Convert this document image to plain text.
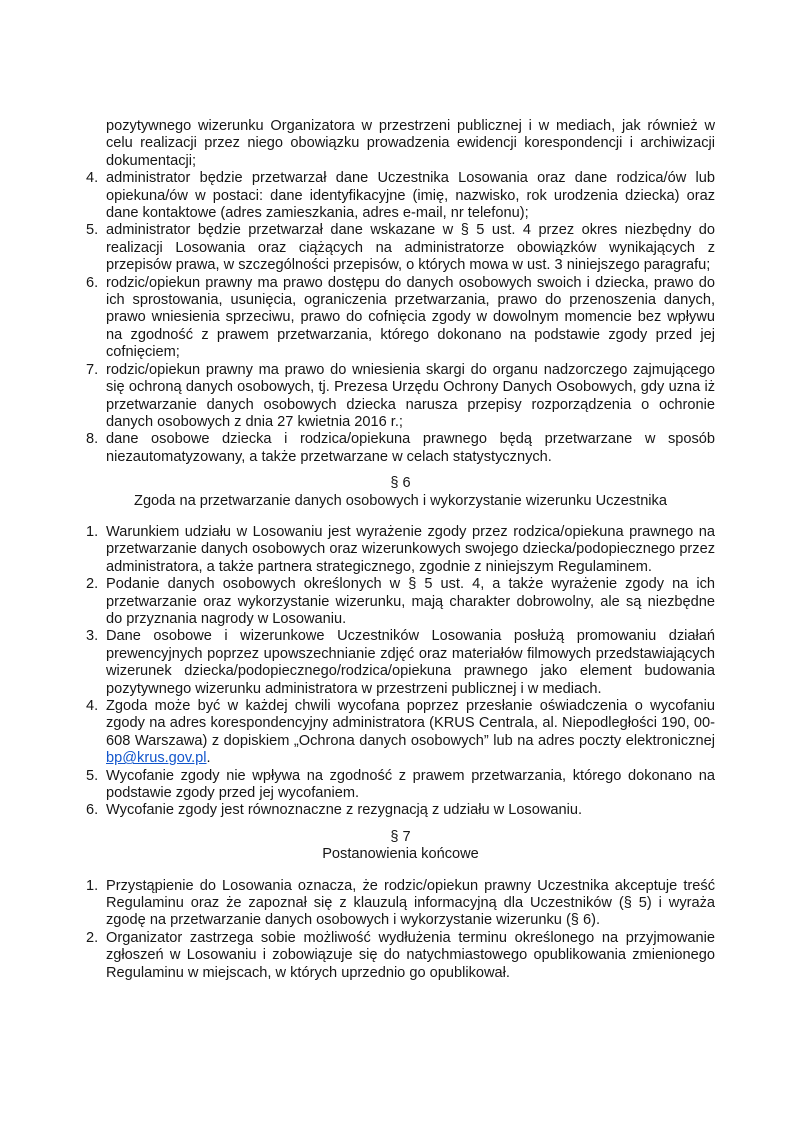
pozytywnego wizerunku Organizatora w przestrzeni publicznej i w mediach, jak również w celu realizacji przez niego obowiązku prowadzenia ewidencji korespondencji i archiwizacji dokumentacji;

4. administrator będzie przetwarzał dane Uczestnika Losowania oraz dane rodzica/ów lub opiekuna/ów w postaci: dane identyfikacyjne (imię, nazwisko, rok urodzenia dziecka) oraz dane kontaktowe (adres zamieszkania, adres e-mail, nr telefonu);
5. administrator będzie przetwarzał dane wskazane w § 5 ust. 4 przez okres niezbędny do realizacji Losowania oraz ciążących na administratorze obowiązków wynikających z przepisów prawa, w szczególności przepisów, o których mowa w ust. 3 niniejszego paragrafu;
6. rodzic/opiekun prawny ma prawo dostępu do danych osobowych swoich i dziecka, prawo do ich sprostowania, usunięcia, ograniczenia przetwarzania, prawo do przenoszenia danych, prawo wniesienia sprzeciwu, prawo do cofnięcia zgody w dowolnym momencie bez wpływu na zgodność z prawem przetwarzania, którego dokonano na podstawie zgody przed jej cofnięciem;
7. rodzic/opiekun prawny ma prawo do wniesienia skargi do organu nadzorczego zajmującego się ochroną danych osobowych, tj. Prezesa Urzędu Ochrony Danych Osobowych, gdy uzna iż przetwarzanie danych osobowych dziecka narusza przepisy rozporządzenia o ochronie danych osobowych z dnia 27 kwietnia 2016 r.;
8. dane osobowe dziecka i rodzica/opiekuna prawnego będą przetwarzane w sposób niezautomatyzowany, a także przetwarzane w celach statystycznych.
§ 6
Zgoda na przetwarzanie danych osobowych i wykorzystanie wizerunku Uczestnika
1. Warunkiem udziału w Losowaniu jest wyrażenie zgody przez rodzica/opiekuna prawnego na przetwarzanie danych osobowych oraz wizerunkowych swojego dziecka/podopiecznego przez administratora, a także partnera strategicznego, zgodnie z niniejszym Regulaminem.
2. Podanie danych osobowych określonych w § 5 ust. 4, a także wyrażenie zgody na ich przetwarzanie oraz wykorzystanie wizerunku, mają charakter dobrowolny, ale są niezbędne do przyznania nagrody w Losowaniu.
3. Dane osobowe i wizerunkowe Uczestników Losowania posłużą promowaniu działań prewencyjnych poprzez upowszechnianie zdjęć oraz materiałów filmowych przedstawiających wizerunek dziecka/podopiecznego/rodzica/opiekuna prawnego jako element budowania pozytywnego wizerunku administratora w przestrzeni publicznej i w mediach.
4. Zgoda może być w każdej chwili wycofana poprzez przesłanie oświadczenia o wycofaniu zgody na adres korespondencyjny administratora (KRUS Centrala, al. Niepodległości 190, 00-608 Warszawa) z dopiskiem „Ochrona danych osobowych” lub na adres poczty elektronicznej bp@krus.gov.pl.
5. Wycofanie zgody nie wpływa na zgodność z prawem przetwarzania, którego dokonano na podstawie zgody przed jej wycofaniem.
6. Wycofanie zgody jest równoznaczne z rezygnacją z udziału w Losowaniu.
§ 7
Postanowienia końcowe
1. Przystąpienie do Losowania oznacza, że rodzic/opiekun prawny Uczestnika akceptuje treść Regulaminu oraz że zapoznał się z klauzulą informacyjną dla Uczestników (§ 5) i wyraża zgodę na przetwarzanie danych osobowych i wykorzystanie wizerunku (§ 6).
2. Organizator zastrzega sobie możliwość wydłużenia terminu określonego na przyjmowanie zgłoszeń w Losowaniu i zobowiązuje się do natychmiastowego opublikowania zmienionego Regulaminu w miejscach, w których uprzednio go opublikował.
